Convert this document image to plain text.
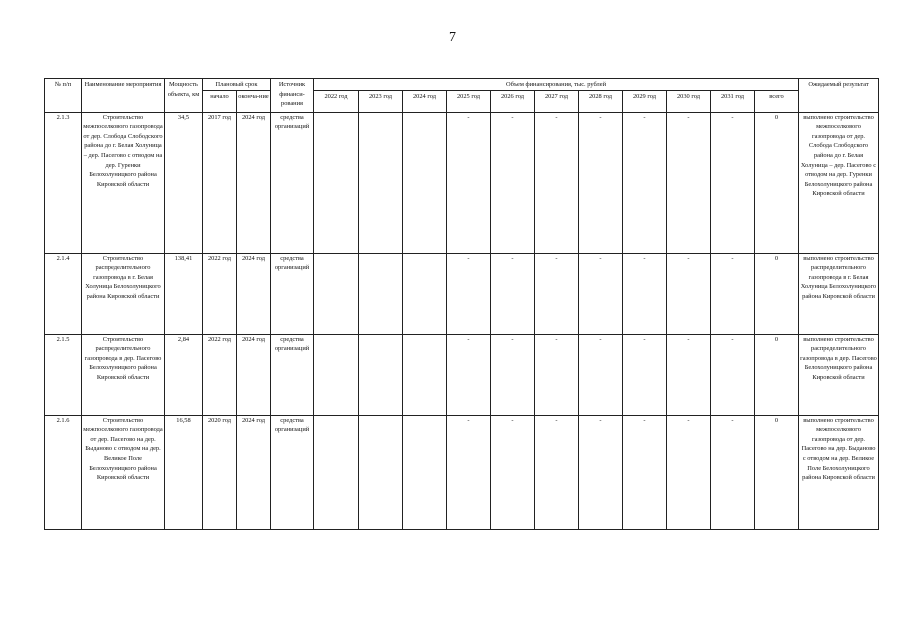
7
№ п/п	Наименование мероприятия	Мощность объекта, км	Плановый срок		Источник финанси-рования	Объем финансирования, тыс. рублей											Ожидаемый результат
			начало	оконча-ние		2022 год	2023 год	2024 год	2025 год	2026 год	2027 год	2028 год	2029 год	2030 год	2031 год	всего	
2.1.3	Строительство межпоселкового газопровода от дер. Слобода Слободского района до г. Белая Холуница – дер. Пасегово с отводом на дер. Гуренки Белохолуницкого района Кировской области	34,5	2017 год	2024 год	средства организаций				-	-	-	-	-	-	-	0	выполнено строительство межпоселкового газопровода от дер. Слобода Слободского района до г. Белая Холуница – дер. Пасегово с отводом на дер. Гуренки Белохолуницкого района Кировской области
2.1.4	Строительство распределительного газопровода в г. Белая Холуница Белохолуницкого района Кировской области	138,41	2022 год	2024 год	средства организаций				-	-	-	-	-	-	-	0	выполнено строительство распределительного газопровода в г. Белая Холуница Белохолуницкого района Кировской области
2.1.5	Строительство распределительного газопровода в дер. Пасегово Белохолуницкого района Кировской области	2,84	2022 год	2024 год	средства организаций				-	-	-	-	-	-	-	0	выполнено строительство распределительного газопровода в дер. Пасегово Белохолуницкого района Кировской области
2.1.6	Строительство межпоселкового газопровода от дер. Пасегово на дер. Быданово с отводом на дер. Великое Поле Белохолуницкого района Кировской области	16,58	2020 год	2024 год	средства организаций				-	-	-	-	-	-	-	0	выполнено строительство межпоселкового газопровода от дер. Пасегово на дер. Быданово с отводом на дер. Великое Поле Белохолуницкого района Кировской области
